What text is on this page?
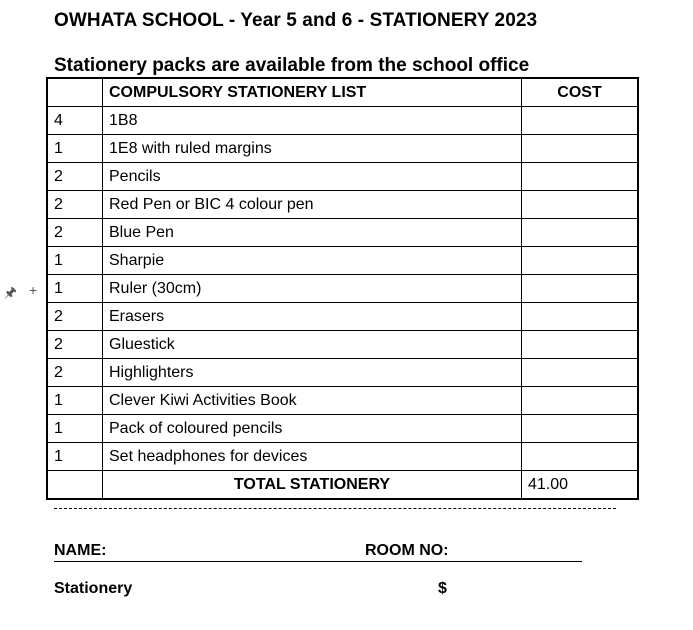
OWHATA SCHOOL - Year 5 and 6 - STATIONERY 2023
Stationery packs are available from the school office
🖈 +
	COMPULSORY STATIONERY LIST	COST
4	1B8	
1	1E8 with ruled margins	
2	Pencils	
2	Red Pen or BIC 4 colour pen	
2	Blue Pen	
1	Sharpie	
1	Ruler (30cm)	
2	Erasers	
2	Gluestick	
2	Highlighters	
1	Clever Kiwi Activities Book	
1	Pack of coloured pencils	
1	Set headphones for devices	
	TOTAL STATIONERY	41.00
NAME:	ROOM NO:
Stationery	$
